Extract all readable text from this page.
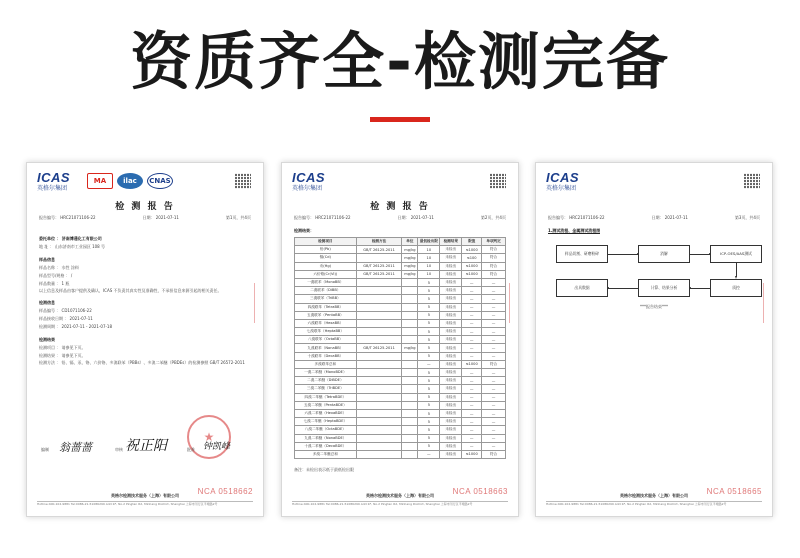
资质齐全-检测完备
ICAS
英格尔集团
MA	ilac	CNAS
检 测 报 告
报告编号： HRC21071106-22	日期： 2021-07-11	第1页，共4页
委托单位 ： 济南博通化工有限公司
地 址 ： 山东济南市工业园区 108 号
样品信息
样品名称 ： 水性 涂料
样品型号/规格 ： /
样品数量 ： 1 瓶
以上信息及样品由客户提供及确认，ICAS 不负责其真实性及准确性，不承担信息来源引起的相关责任。
检测信息
样品编号 ： CD1071106-22
样品接收日期 ： 2021-07-11
检测周期 ： 2021-07-11 - 2021-07-18
检测结果
检测项目 ： 请参见下页。
检测结果 ： 请参见下页。
检测方法 ： 铅、镉、汞、铬、六价铬、多溴联苯（PBBs）、多溴二苯醚（PBDEs）的检测参照 GB/T 26572-2011
★
编制 翁蔷蔷	审核 祝正阳	批准 钟凯峰
NCA 0518662
英格尔检测技术服务（上海）有限公司
Hotline:400-102-9881 Tel:0086-21-51086299 Add:1F, No.2 Pingtan Rd, Minhang District, Shanghai 上海市闵行区平塘路2号
ICAS
英格尔集团
检 测 报 告
报告编号： HRC21071106-22	日期： 2021-07-11	第2页，共4页
检测结果：
检测项目	检测方法	单位	最低检出限	检测结果	限值	单项判定
铅(Pb)	GB/T 26125-2011	mg/kg	10	未检出	≤1000	符合
镉(Cd)		mg/kg	10	未检出	≤100	符合
汞(Hg)	GB/T 26125-2011	mg/kg	10	未检出	≤1000	符合
六价铬(Cr(VI))	GB/T 26125-2011	mg/kg	10	未检出	≤1000	符合
一溴联苯（MonoBB）			5	未检出	—	—
二溴联苯（DiBB）			5	未检出	—	—
三溴联苯（TriBB）			5	未检出	—	—
四溴联苯（TetraBB）			5	未检出	—	—
五溴联苯（PentaBB）			5	未检出	—	—
六溴联苯（HexaBB）			5	未检出	—	—
七溴联苯（HeptaBB）			5	未检出	—	—
八溴联苯（OctaBB）			5	未检出	—	—
九溴联苯（NonaBB）	GB/T 26125-2011	mg/kg	5	未检出	—	—
十溴联苯（DecaBB）			5	未检出	—	—
多溴联苯总和			—	未检出	≤1000	符合
一溴二苯醚（MonoBDE）			5	未检出	—	—
二溴二苯醚（DiBDE）			5	未检出	—	—
三溴二苯醚（TriBDE）			5	未检出	—	—
四溴二苯醚（TetraBDE）			5	未检出	—	—
五溴二苯醚（PentaBDE）			5	未检出	—	—
六溴二苯醚（HexaBDE）			5	未检出	—	—
七溴二苯醚（HeptaBDE）			5	未检出	—	—
八溴二苯醚（OctaBDE）			5	未检出	—	—
九溴二苯醚（NonaBDE）			5	未检出	—	—
十溴二苯醚（DecaBDE）			5	未检出	—	—
多溴二苯醚总和			—	未检出	≤1000	符合
备注：未检出表示低于最低检出限
NCA 0518663
英格尔检测技术服务（上海）有限公司
Hotline:400-102-9881 Tel:0086-21-51086299 Add:1F, No.2 Pingtan Rd, Minhang District, Shanghai 上海市闵行区平塘路2号
ICAS
英格尔集团
报告编号： HRC21071106-22	日期： 2021-07-11	第3页，共4页
1.测试流程、金属测试流程图
样品切割、研磨粉碎	消解	ICP-OES/AAS测试
质控
计算、结果分析
出具数据
***报告结束***
NCA 0518665
英格尔检测技术服务（上海）有限公司
Hotline:400-102-9881 Tel:0086-21-51086299 Add:1F, No.2 Pingtan Rd, Minhang District, Shanghai 上海市闵行区平塘路2号
